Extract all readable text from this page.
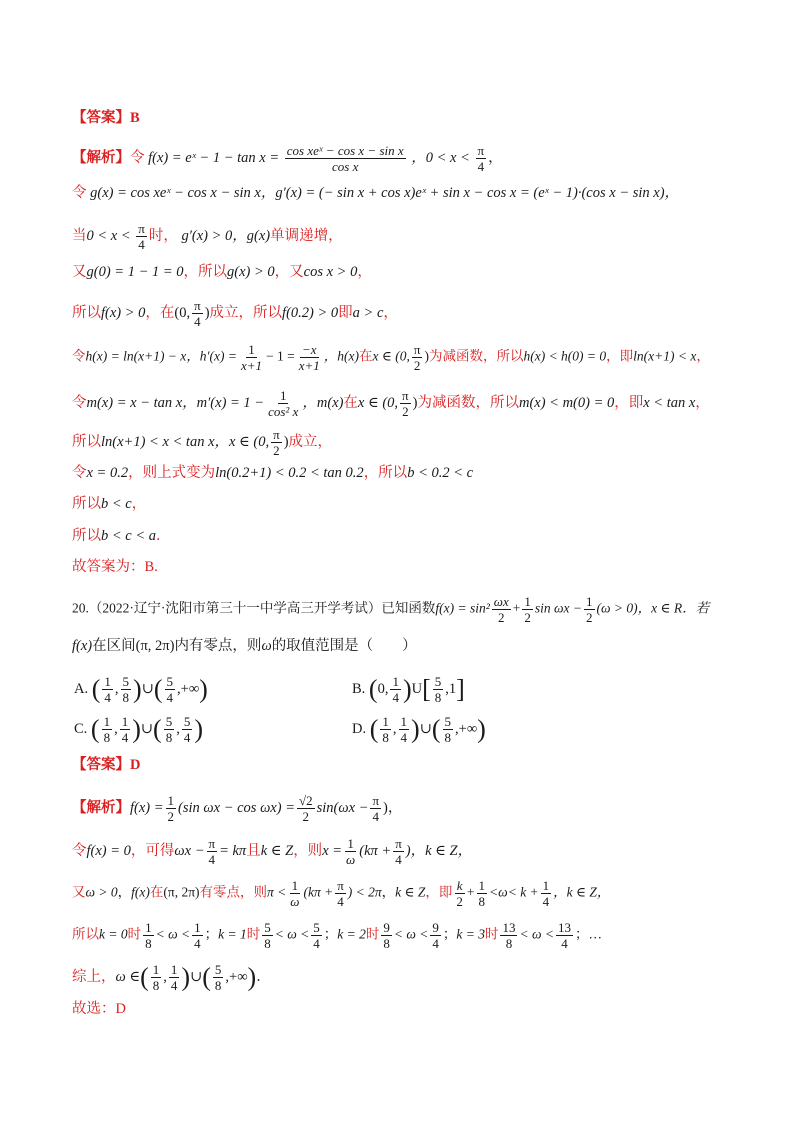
【答案】B
【解析】令 f(x) = eˣ − $1 - \tan x = \frac{\text{cos xeˣ − cos x − sin x}}{\text{cos x}}$ ，$0 < x < \frac{\pi}{4}$ ，
令 g(x) = cos xeˣ − cos x − sin x，g′(x) = (− sin x + cos x)eˣ + sin x − cos x = (eˣ − 1)·(cos x − sin x)，
当$0 < x < \frac{\pi}{4}$ 时， g′(x) > 0，g(x)单调递增，
又g(0) = 1 − 1 = 0，所以g(x) > 0，又cos x > 0，
所以f(x) > 0，在(0, $\frac{\pi}{4}$ )成立，所以f(0.2) > 0即a > c，
令h(x) = ln(x+1) − x，$h'(x) = \frac{1}{x+1} - 1 = \frac{-x}{x+1}$ ，h(x)在x ∈ (0, $\frac{\pi}{2}$ )为减函数，所以h(x) < h(0) = 0，即ln(x+1) < x，
令m(x) = x − tan x，$m'(x) = 1 - \frac{1}{\text{cos² x}}$ ，m(x)在x ∈ (0, $\frac{\pi}{2}$ )为减函数，所以m(x) < m(0) = 0，即x < tan x，
所以ln(x+1) < x < tan x，x ∈ (0, $\frac{\pi}{2}$ )成立，
令x = 0.2，则上式变为ln(0.2+1) < 0.2 < tan 0.2，所以b < 0.2 < c
所以b < c，
所以b < c < a．
故答案为：B.
20.（2022·辽宁·沈阳市第三十一中学高三开学考试）已知函数$f(x) = \sin^2 \frac{\omega x}{2} + \frac{1}{2}$ $\sin \omega x - \frac{1}{2} (\omega > 0)$，x ∈ R．若
f(x)在区间(π, 2π)内有零点，则ω的取值范围是（　　）
A. ( $\frac{1}{4}$ , $\frac{5}{8}$ )∪( $\frac{5}{4}$ ,+∞)	B. (0, $\frac{1}{4} )U[ \frac{5}{8} ,1]$
C. ( $\frac{1}{8}$ , $\frac{1}{4}$ )∪( $\frac{5}{8}$ , $\frac{5}{4}$ )	D. ( $\frac{1}{8}$ , $\frac{1}{4}$ )∪( $\frac{5}{8}$ ,+∞)
【答案】D
【解析】$f(x) = \frac{1}{2} (\sin$ $\omega x - \cos \omega x) = \frac{√2}{2} \sin(\omega x - \frac{\pi}{4}$ )，
令f(x) = 0，可得$\omega x - \frac{\pi}{4} = k\pi$且k ∈ Z，则$x = \frac{1}{\omega} (k\pi + \frac{\pi}{4}$ )，k ∈ Z，
又ω > 0，f(x)在(π, 2π)有零点，则$\pi < \frac{1}{\omega} (k\pi + \frac{\pi}{4}$ ) < 2π，k ∈ Z，即 $\frac{k}{2} + \frac{1}{8} <\omega< k + \frac{1}{4}$ ，k ∈ Z，
所以k = 0时 $\frac{1}{8} < \omega < \frac{1}{4}$ ；k = 1时 $\frac{5}{8} < \omega < \frac{5}{4}$ ；k = 2时 $\frac{9}{8} < \omega < \frac{9}{4}$ ；k = 3时 $\frac{13}{8} < \omega < \frac{13}{4}$ ；…
综上，ω ∈( $\frac{1}{8}$ , $\frac{1}{4}$ )∪( $\frac{5}{8}$ ,+∞)．
故选：D
